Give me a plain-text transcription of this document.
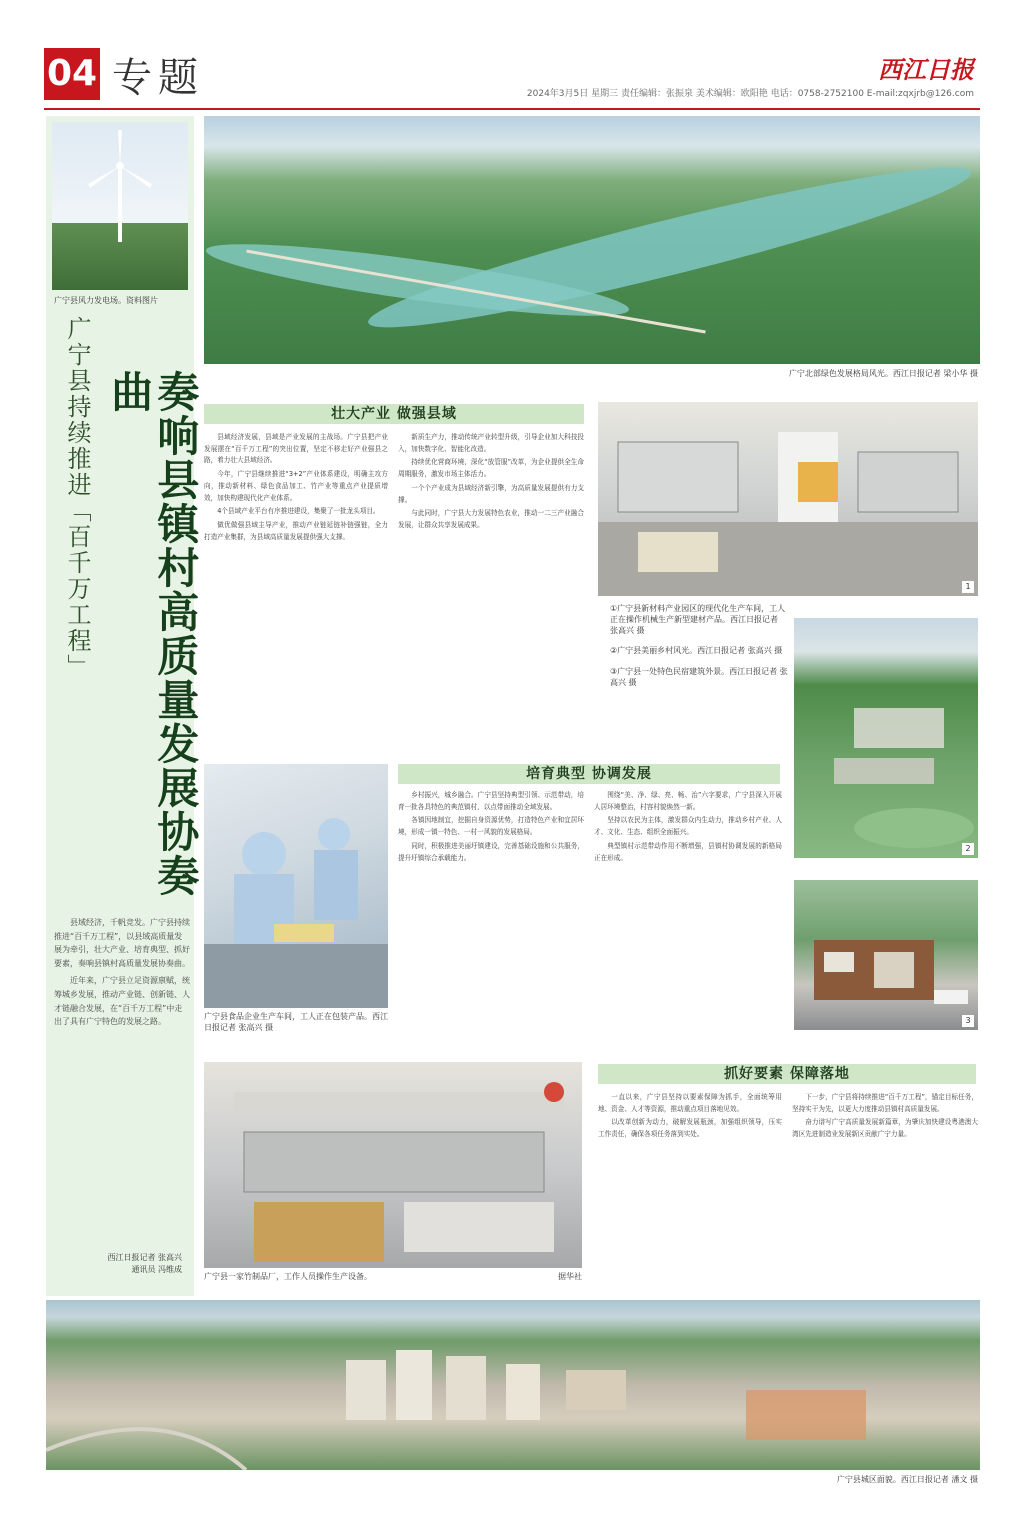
04 专题	西江日报
2024年3月5日 星期三 责任编辑：张振泉 美术编辑：欧阳艳 电话：0758-2752100 E-mail:zqxjrb@126.com
广宁县风力发电场。资料图片
广宁县持续推进「百千万工程」	奏响县镇村高质量发展协奏曲

县域经济，千帆竞发。广宁县持续推进“百千万工程”，以县域高质量发展为牵引，壮大产业、培育典型、抓好要素，奏响县镇村高质量发展协奏曲。

近年来，广宁县立足资源禀赋，统筹城乡发展，推动产业链、创新链、人才链融合发展，在“百千万工程”中走出了具有广宁特色的发展之路。

西江日报记者 张高兴
通讯员 冯维成
广宁北部绿色发展格局风光。西江日报记者 梁小华 摄
壮大产业 做强县域

县域经济发展，县域是产业发展的主战场。广宁县把产业发展摆在“百千万工程”的突出位置，坚定不移走好产业强县之路，着力壮大县域经济。

今年，广宁县继续推进“3+2”产业体系建设，明确主攻方向，推动新材料、绿色食品加工、竹产业等重点产业提质增效，加快构建现代化产业体系。

4个县域产业平台有序推进建设，集聚了一批龙头项目。

做优做强县域主导产业，推动产业链延链补链强链，全力打造产业集群，为县域高质量发展提供强大支撑。

新质生产力，推动传统产业转型升级，引导企业加大科技投入，加快数字化、智能化改造。

持续优化营商环境，深化“放管服”改革，为企业提供全生命周期服务，激发市场主体活力。

一个个产业成为县域经济新引擎，为高质量发展提供有力支撑。

与此同时，广宁县大力发展特色农业，推动一二三产业融合发展，让群众共享发展成果。

1

①广宁县新材料产业园区的现代化生产车间，工人正在操作机械生产新型建材产品。西江日报记者 张高兴 摄

②广宁县美丽乡村风光。西江日报记者 张高兴 摄

③广宁县一处特色民宿建筑外景。西江日报记者 张高兴 摄

2
培育典型 协调发展
广宁县食品企业生产车间，工人正在包装产品。西江日报记者 张高兴 摄

乡村振兴，城乡融合。广宁县坚持典型引领、示范带动，培育一批各具特色的典范镇村，以点带面推动全域发展。

各镇因地制宜，挖掘自身资源优势，打造特色产业和宜居环境，形成一镇一特色、一村一风貌的发展格局。

同时，积极推进美丽圩镇建设，完善基础设施和公共服务，提升圩镇综合承载能力。

围绕“美、净、绿、亮、畅、治”六字要求，广宁县深入开展人居环境整治，村容村貌焕然一新。

坚持以农民为主体，激发群众内生动力，推动乡村产业、人才、文化、生态、组织全面振兴。

典型镇村示范带动作用不断增强，县镇村协调发展的新格局正在形成。

3
广宁县一家竹制品厂，工作人员操作生产设备。	据华社
抓好要素 保障落地

一直以来，广宁县坚持以要素保障为抓手，全面统筹用地、资金、人才等资源，推动重点项目落地见效。

以改革创新为动力，破解发展瓶颈，加强组织领导，压实工作责任，确保各项任务落到实处。

下一步，广宁县将持续推进“百千万工程”，锚定目标任务，坚持实干为先，以更大力度推动县镇村高质量发展。

奋力谱写广宁高质量发展新篇章，为肇庆加快建设粤港澳大湾区先进制造业发展新区贡献广宁力量。

广宁县城区面貌。西江日报记者 潘文 摄
